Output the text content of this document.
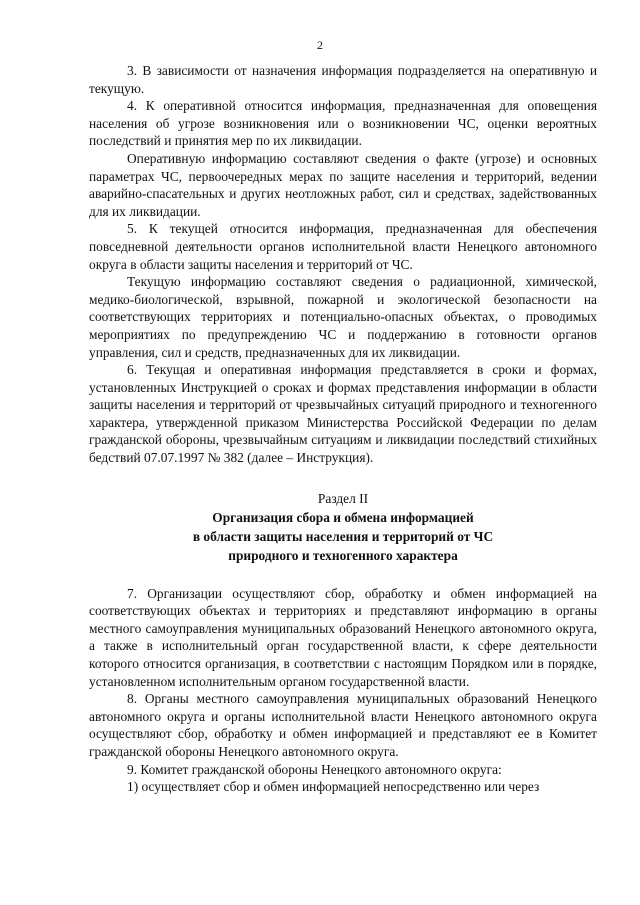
2

3. В зависимости от назначения информация подразделяется на оперативную и текущую.

4. К оперативной относится информация, предназначенная для оповещения населения об угрозе возникновения или о возникновении ЧС, оценки вероятных последствий и принятия мер по их ликвидации.

Оперативную информацию составляют сведения о факте (угрозе) и основных параметрах ЧС, первоочередных мерах по защите населения и территорий, ведении аварийно-спасательных и других неотложных работ, сил и средствах, задействованных для их ликвидации.

5. К текущей относится информация, предназначенная для обеспечения повседневной деятельности органов исполнительной власти Ненецкого автономного округа в области защиты населения и территорий от ЧС.

Текущую информацию составляют сведения о радиационной, химической, медико-биологической, взрывной, пожарной и экологической безопасности на соответствующих территориях и потенциально-опасных объектах, о проводимых мероприятиях по предупреждению ЧС и поддержанию в готовности органов управления, сил и средств, предназначенных для их ликвидации.

6. Текущая и оперативная информация представляется в сроки и формах, установленных Инструкцией о сроках и формах представления информации в области защиты населения и территорий от чрезвычайных ситуаций природного и техногенного характера, утвержденной приказом Министерства Российской Федерации по делам гражданской обороны, чрезвычайным ситуациям и ликвидации последствий стихийных бедствий 07.07.1997 № 382 (далее – Инструкция).

Раздел II
Организация сбора и обмена информацией
в области защиты населения и территорий от ЧС
природного и техногенного характера

7. Организации осуществляют сбор, обработку и обмен информацией на соответствующих объектах и территориях и представляют информацию в органы местного самоуправления муниципальных образований Ненецкого автономного округа, а также в исполнительный орган государственной власти, к сфере деятельности которого относится организация, в соответствии с настоящим Порядком или в порядке, установленном исполнительным органом государственной власти.

8. Органы местного самоуправления муниципальных образований Ненецкого автономного округа и органы исполнительной власти Ненецкого автономного округа осуществляют сбор, обработку и обмен информацией и представляют ее в Комитет гражданской обороны Ненецкого автономного округа.

9. Комитет гражданской обороны Ненецкого автономного округа:

1) осуществляет сбор и обмен информацией непосредственно или через
